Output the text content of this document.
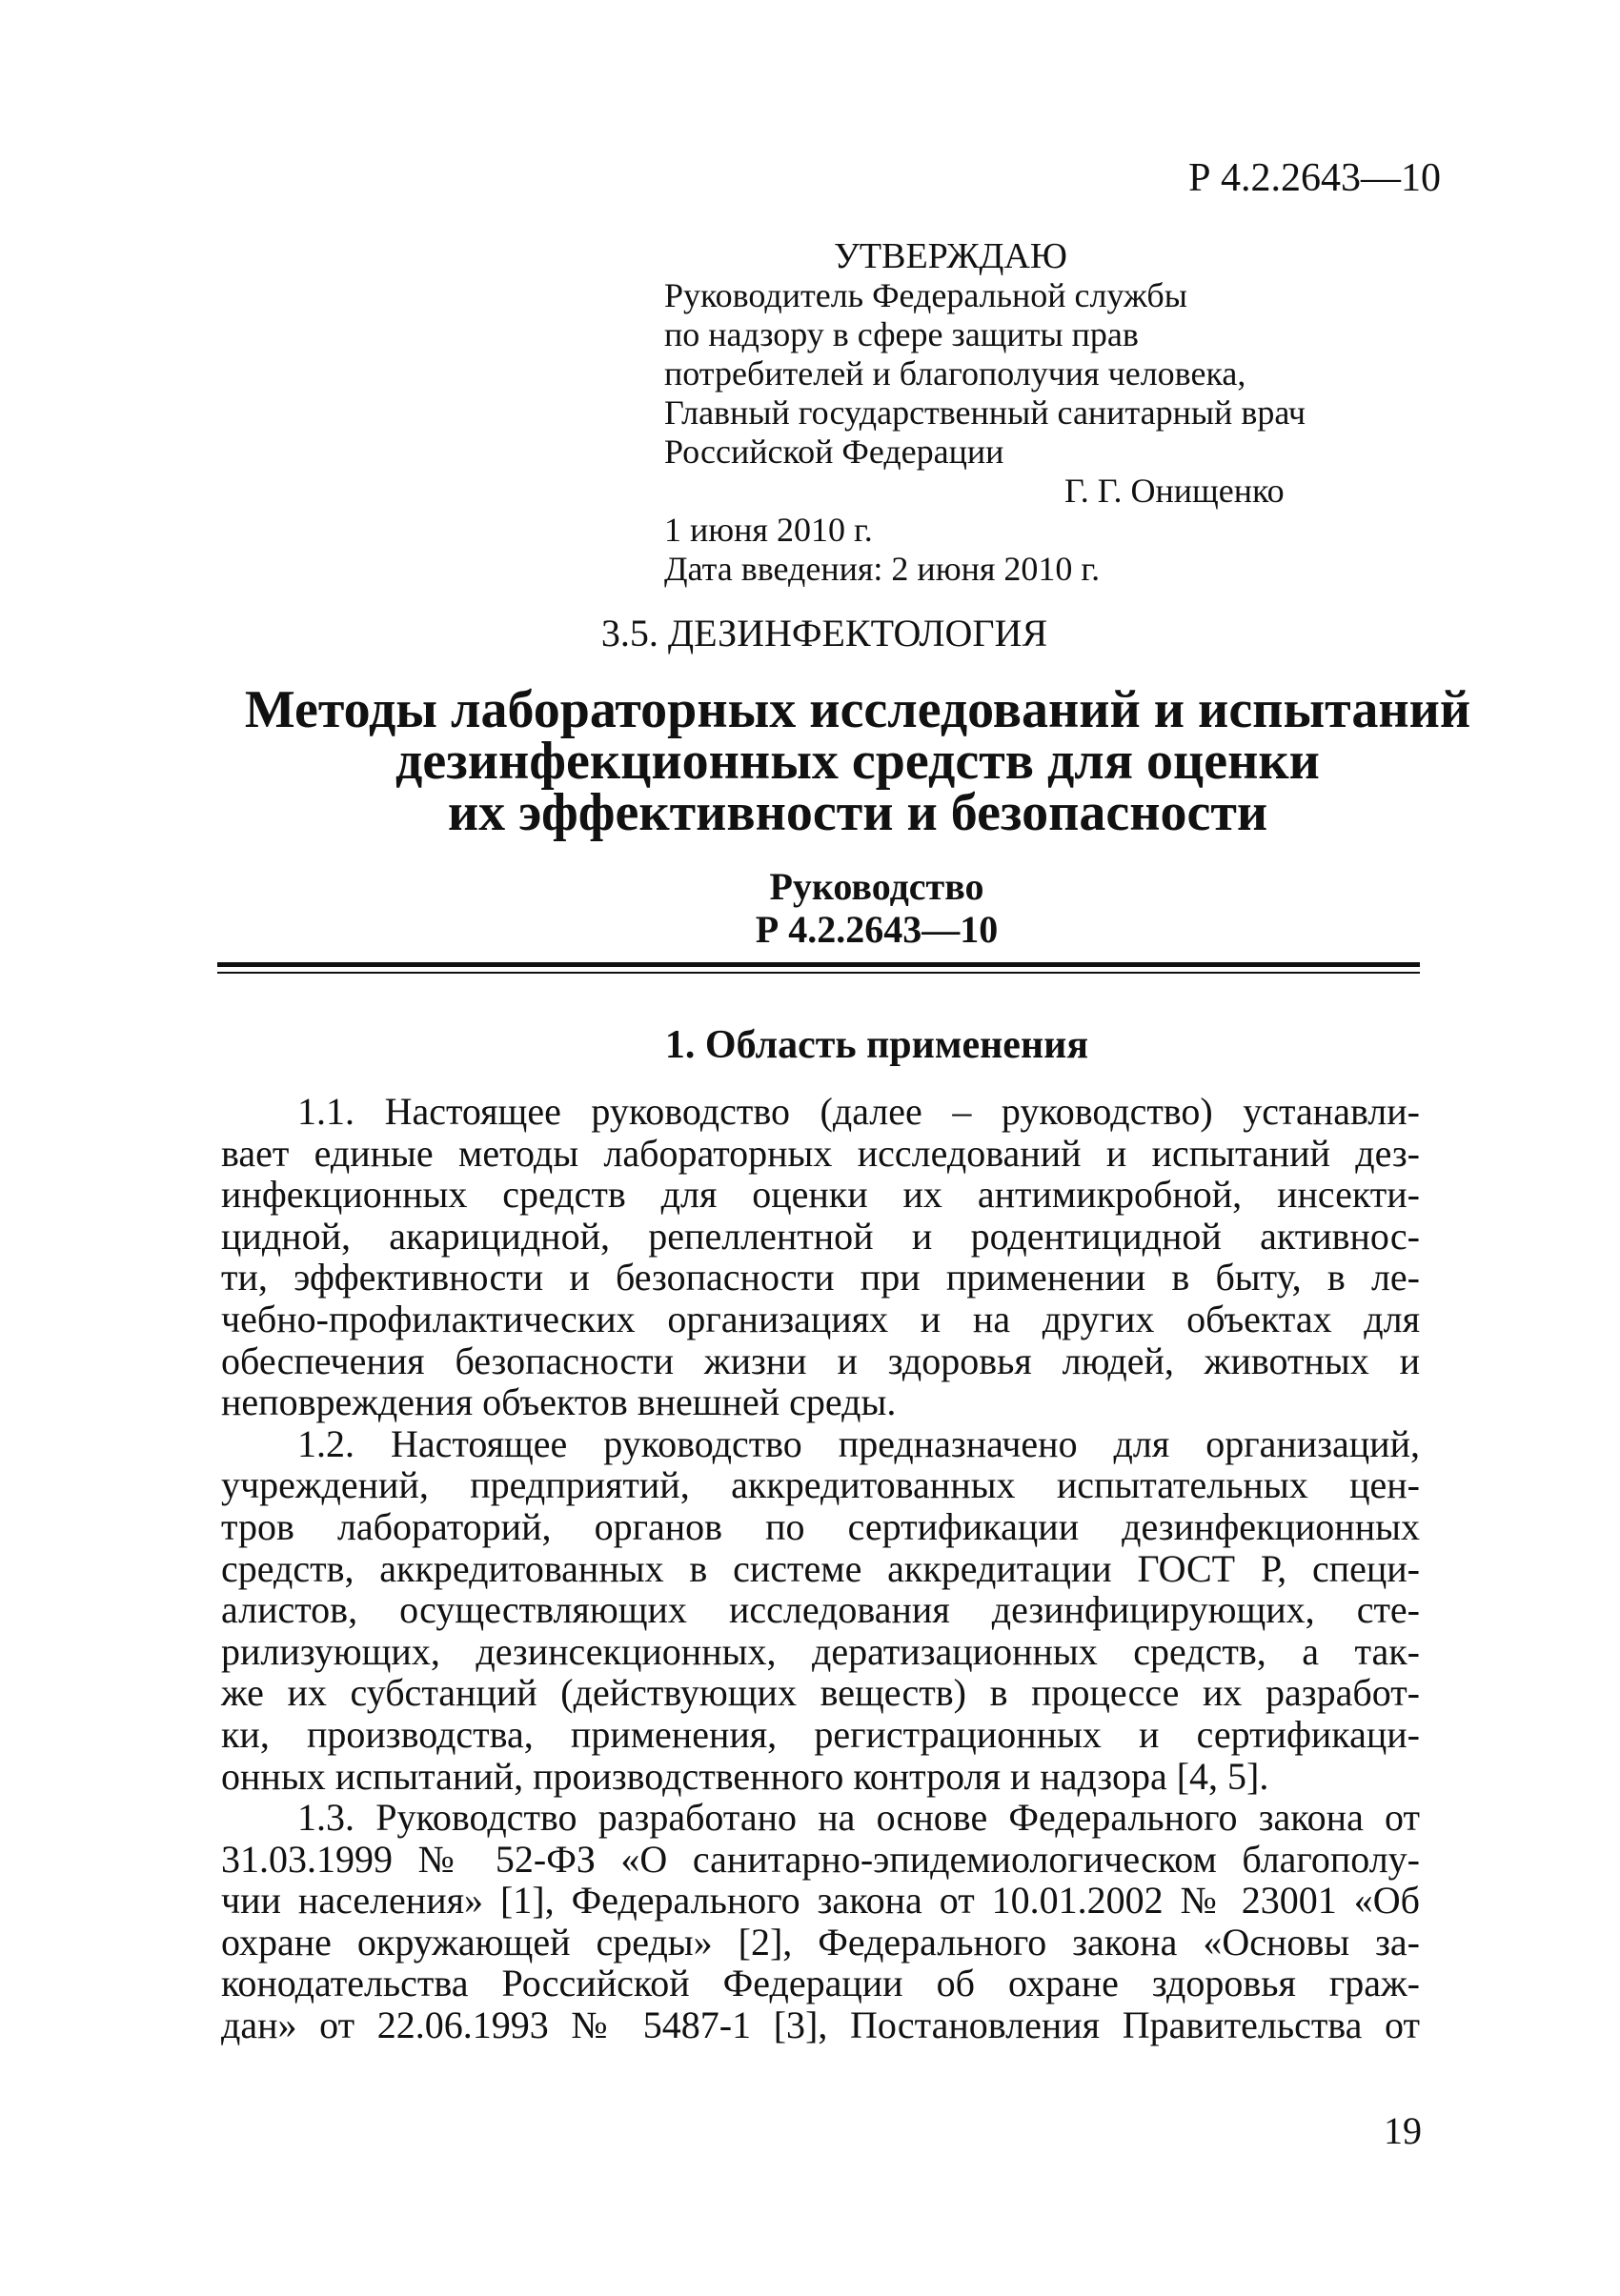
Р 4.2.2643—10
УТВЕРЖДАЮ
Руководитель Федеральной службы
по надзору в сфере защиты прав
потребителей и благополучия человека,
Главный государственный санитарный врач
Российской Федерации
Г. Г. Онищенко
1 июня 2010 г.
Дата введения: 2 июня 2010 г.
3.5. ДЕЗИНФЕКТОЛОГИЯ
Методы лабораторных исследований и испытаний
дезинфекционных средств для оценки
их эффективности и безопасности
Руководство
Р 4.2.2643—10
1. Область применения
1.1. Настоящее руководство (далее – руководство) устанавли-
вает единые методы лабораторных исследований и испытаний дез-
инфекционных средств для оценки их антимикробной, инсекти-
цидной, акарицидной, репеллентной и родентицидной активнос-
ти, эффективности и безопасности при применении в быту, в ле-
чебно-профилактических организациях и на других объектах для
обеспечения безопасности жизни и здоровья людей, животных и
неповреждения объектов внешней среды.
1.2. Настоящее руководство предназначено для организаций,
учреждений, предприятий, аккредитованных испытательных цен-
тров лабораторий, органов по сертификации дезинфекционных
средств, аккредитованных в системе аккредитации ГОСТ Р, специ-
алистов, осуществляющих исследования дезинфицирующих, сте-
рилизующих, дезинсекционных, дератизационных средств, а так-
же их субстанций (действующих веществ) в процессе их разработ-
ки, производства, применения, регистрационных и сертификаци-
онных испытаний, производственного контроля и надзора [4, 5].
1.3. Руководство разработано на основе Федерального закона от
31.03.1999 № 52-ФЗ «О санитарно-эпидемиологическом благополу-
чии населения» [1], Федерального закона от 10.01.2002 № 23001 «Об
охране окружающей среды» [2], Федерального закона «Основы за-
конодательства Российской Федерации об охране здоровья граж-
дан» от 22.06.1993 № 5487-1 [3], Постановления Правительства от
19
